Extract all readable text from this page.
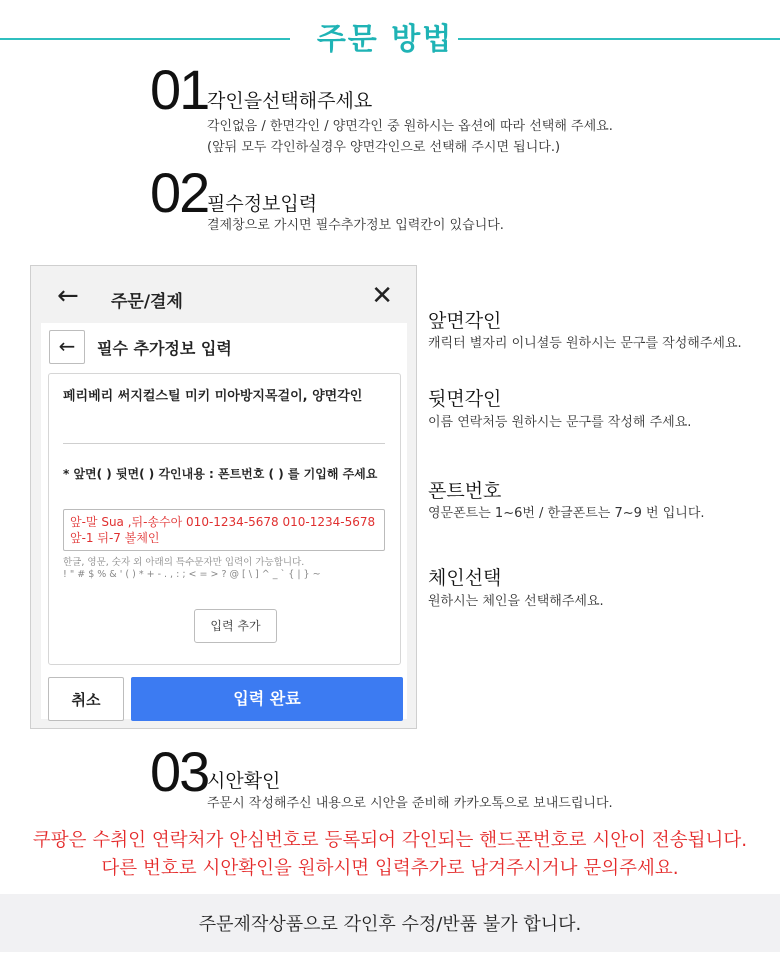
주문 방법
01
각인을선택해주세요
각인없음 / 한면각인 / 양면각인 중 원하시는 옵션에 따라 선택해 주세요.
(앞뒤 모두 각인하실경우 양면각인으로 선택해 주시면 됩니다.)
02
필수정보입력
결제창으로 가시면 필수추가정보 입력칸이 있습니다.
← 주문/결제	✕
←	필수 추가정보 입력
페리베리 써지컬스틸 미키 미아방지목걸이, 양면각인
* 앞면( ) 뒷면( ) 각인내용 : 폰트번호 ( ) 를 기입해 주세요
앞-말 Sua ,뒤-송수아 010-1234-5678 010-1234-5678 앞-1 뒤-7 볼체인
한글, 영문, 숫자 외 아래의 특수문자만 입력이 가능합니다.
! " # $ % & ' ( ) * + - . , : ; < = > ? @ [ \ ] ^ _ ` { | } ~
입력 추가
취소	입력 완료
앞면각인
캐릭터 별자리 이니셜등 원하시는 문구를 작성해주세요.
뒷면각인
이름 연락처등 원하시는 문구를 작성해 주세요.
폰트번호
영문폰트는 1~6번 / 한글폰트는 7~9 번 입니다.
체인선택
원하시는 체인을 선택해주세요.
03
시안확인
주문시 작성해주신 내용으로 시안을 준비해 카카오톡으로 보내드립니다.
쿠팡은 수취인 연락처가 안심번호로 등록되어 각인되는 핸드폰번호로 시안이 전송됩니다.
다른 번호로 시안확인을 원하시면 입력추가로 남겨주시거나 문의주세요.
주문제작상품으로 각인후 수정/반품 불가 합니다.
